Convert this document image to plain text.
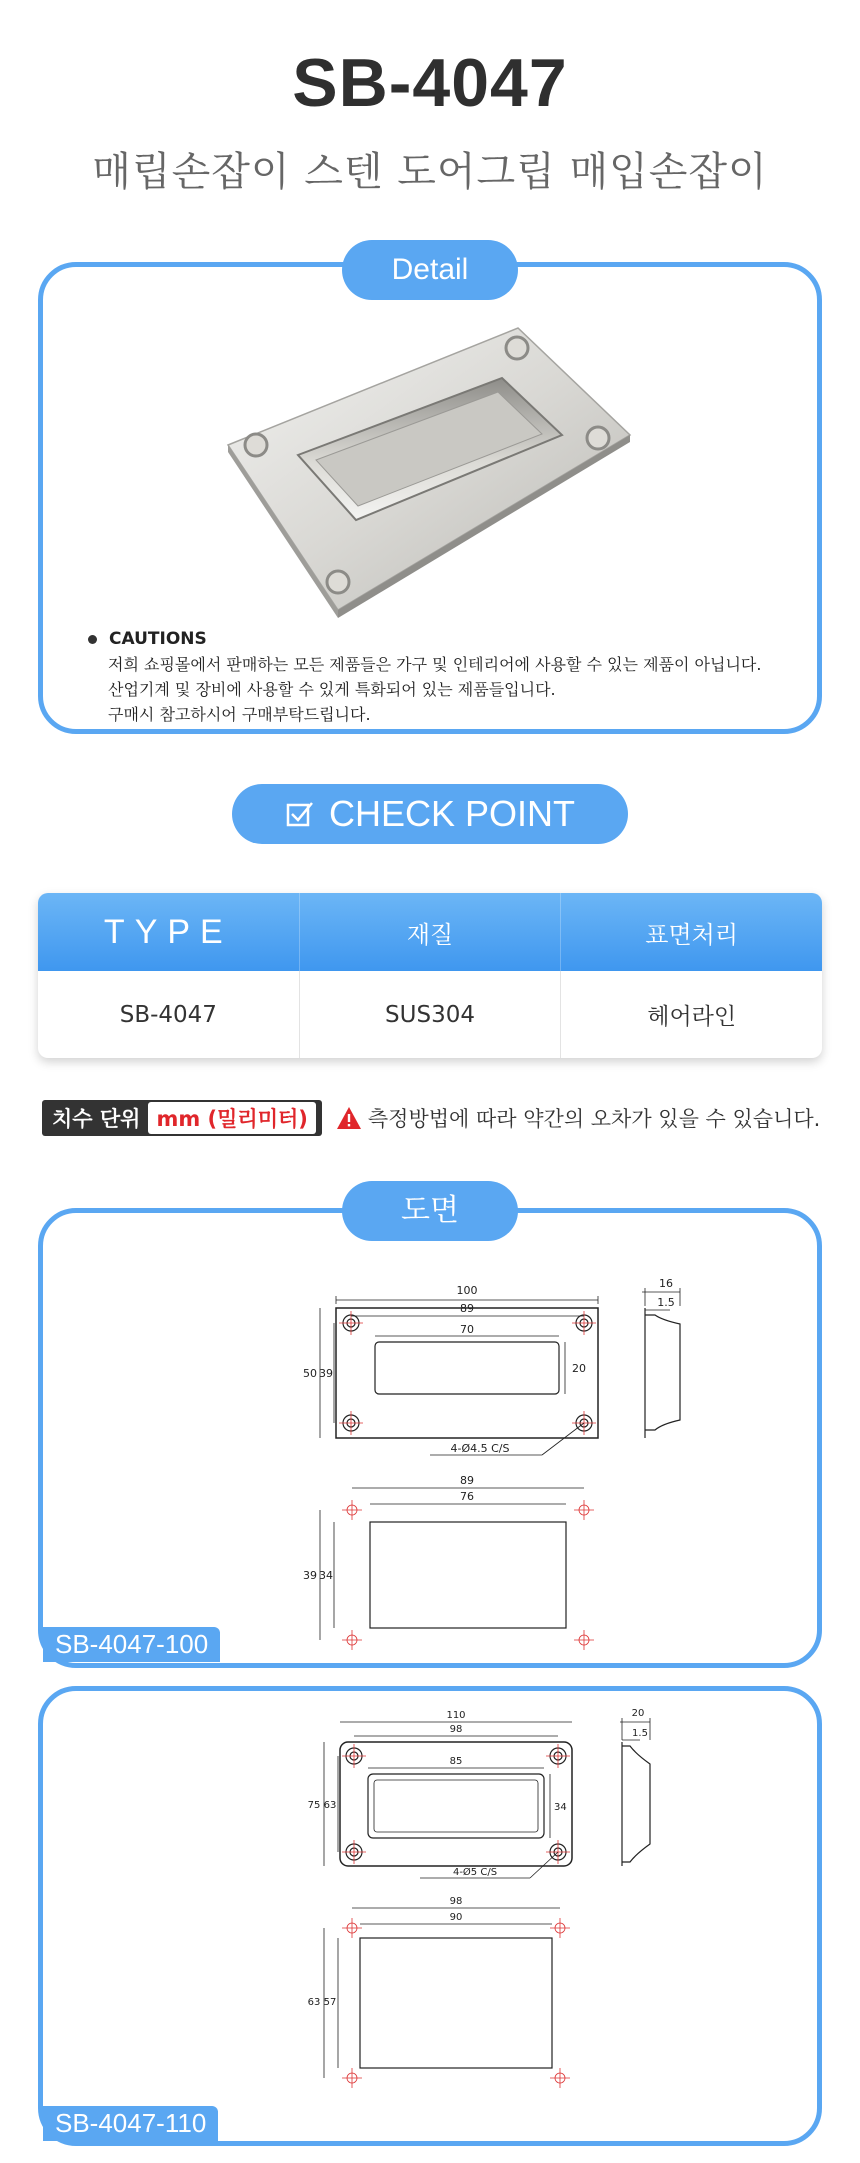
SB-4047
매립손잡이 스텐 도어그립 매입손잡이
Detail
CAUTIONS
저희 쇼핑몰에서 판매하는 모든 제품들은 가구 및 인테리어에 사용할 수 있는 제품이 아닙니다.
산업기계 및 장비에 사용할 수 있게 특화되어 있는 제품들입니다.
구매시 참고하시어 구매부탁드립니다.
CHECK POINT
TYPE	재질	표면처리
SB-4047	SUS304	헤어라인
치수 단위 mm (밀리미터)	측정방법에 따라 약간의 오차가 있을 수 있습니다.
도면
100
89
70
50 39	20
4-Ø4.5 C/S
16
1.5
89
76
39 34
SB-4047-100
110
98
85
75 63	34
4-Ø5 C/S
20
1.5
98
90
63 57
SB-4047-110
